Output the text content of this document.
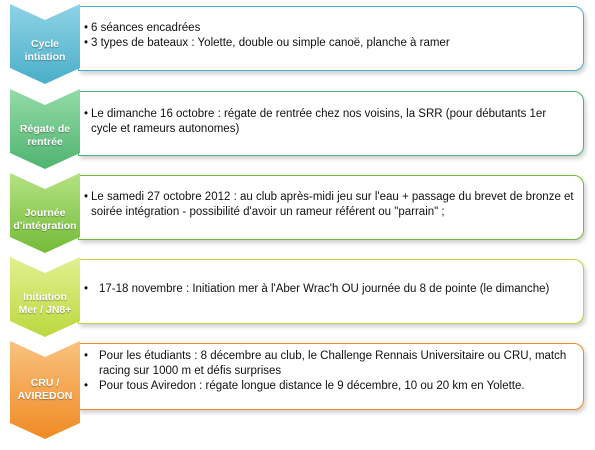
• 6 séances encadrées
• 3 types de bateaux : Yolette, double ou simple canoë, planche à ramer
Cycle
intiation
• Le dimanche 16 octobre : régate de rentrée chez nos voisins, la SRR (pour débutants 1er cycle et rameurs autonomes)
Régate de
rentrée
• Le samedi 27 octobre 2012 : au club après-midi jeu sur l'eau + passage du brevet de bronze et soirée intégration - possibilité d'avoir un rameur référent ou "parrain" ;
Journée
d'intégration
• 17-18 novembre : Initiation mer à l'Aber Wrac'h OU journée du 8 de pointe (le dimanche)
Initiation
Mer / JN8+
• Pour les étudiants : 8 décembre au club, le Challenge Rennais Universitaire ou CRU, match racing sur 1000 m et défis surprises
• Pour tous Aviredon : régate longue distance le 9 décembre, 10 ou 20 km en Yolette.
CRU /
AVIREDON
